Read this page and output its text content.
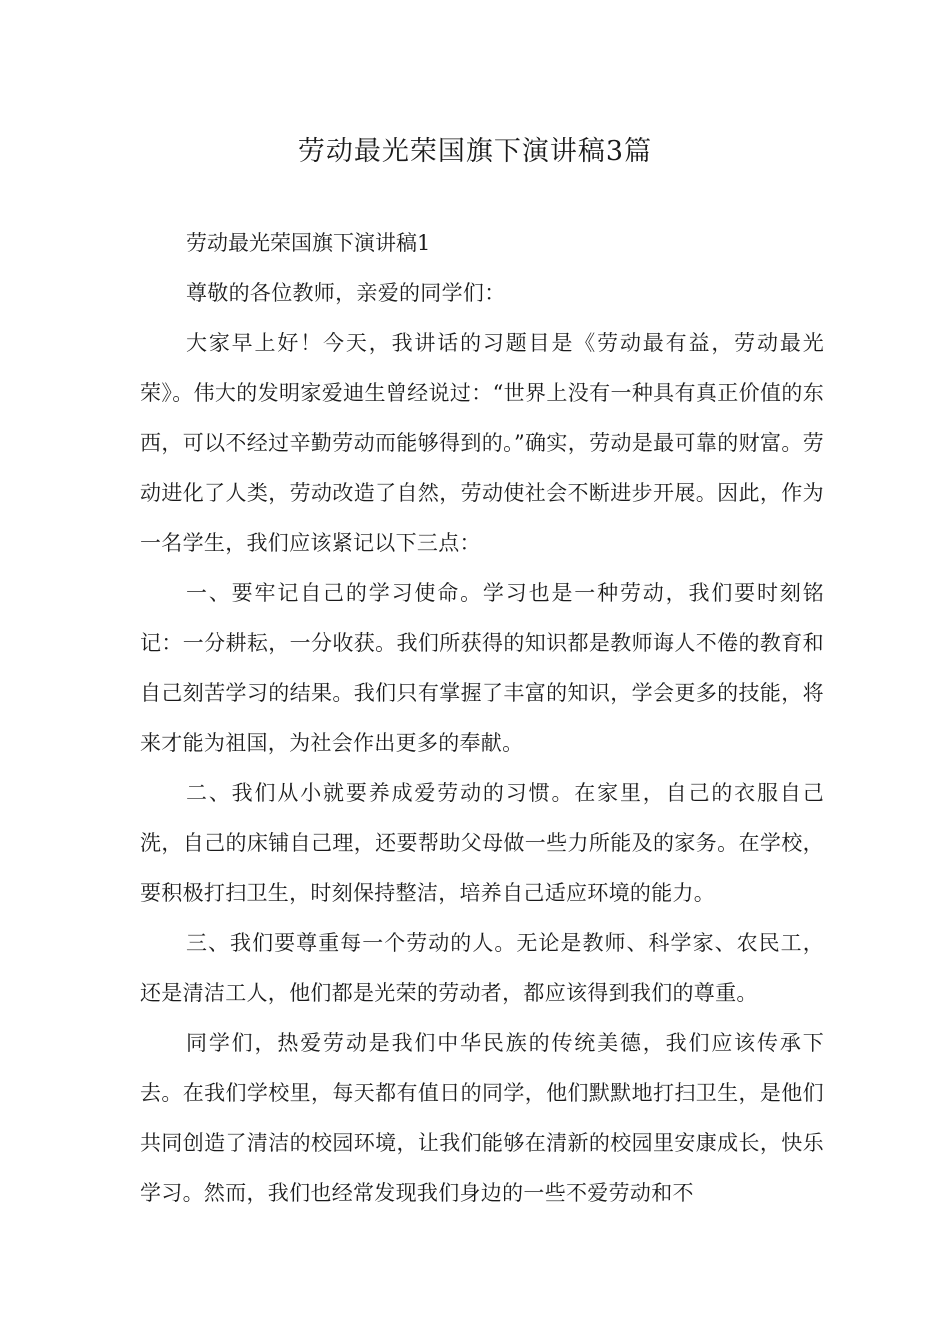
劳动最光荣国旗下演讲稿3篇

劳动最光荣国旗下演讲稿1

尊敬的各位教师，亲爱的同学们：

大家早上好！今天，我讲话的习题目是《劳动最有益，劳动最光荣》。伟大的发明家爱迪生曾经说过：“世界上没有一种具有真正价值的东西，可以不经过辛勤劳动而能够得到的。”确实，劳动是最可靠的财富。劳动进化了人类，劳动改造了自然，劳动使社会不断进步开展。因此，作为一名学生，我们应该紧记以下三点：

一、要牢记自己的学习使命。学习也是一种劳动，我们要时刻铭记：一分耕耘，一分收获。我们所获得的知识都是教师诲人不倦的教育和自己刻苦学习的结果。我们只有掌握了丰富的知识，学会更多的技能，将来才能为祖国，为社会作出更多的奉献。

二、我们从小就要养成爱劳动的习惯。在家里，自己的衣服自己洗，自己的床铺自己理，还要帮助父母做一些力所能及的家务。在学校，要积极打扫卫生，时刻保持整洁，培养自己适应环境的能力。

三、我们要尊重每一个劳动的人。无论是教师、科学家、农民工，还是清洁工人，他们都是光荣的劳动者，都应该得到我们的尊重。

同学们，热爱劳动是我们中华民族的传统美德，我们应该传承下去。在我们学校里，每天都有值日的同学，他们默默地打扫卫生，是他们共同创造了清洁的校园环境，让我们能够在清新的校园里安康成长，快乐学习。然而，我们也经常发现我们身边的一些不爱劳动和不
